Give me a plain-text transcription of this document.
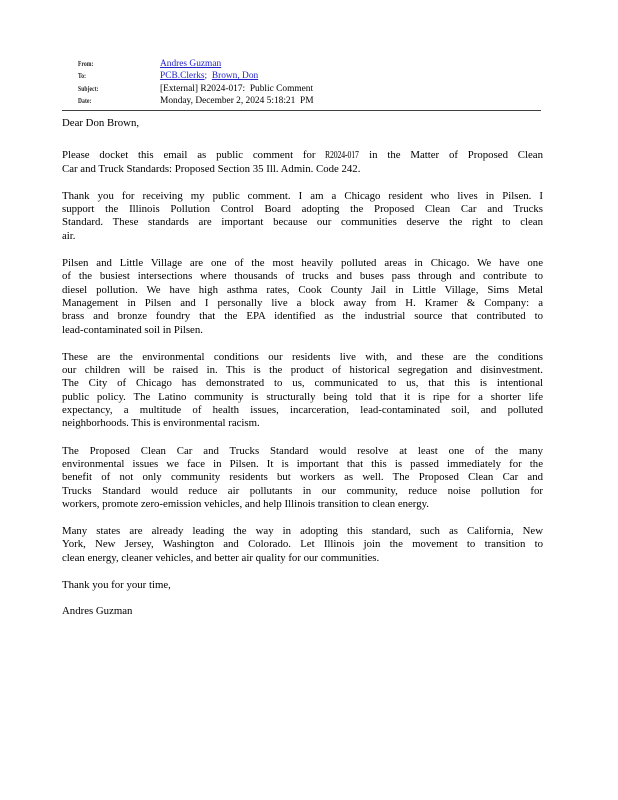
From:	Andres Guzman
To:	PCB.Clerks;  Brown, Don
Subject:	[External] R2024-017:  Public Comment
Date:	Monday, December 2, 2024 5:18:21  PM
Dear Don Brown,
Please docket this email as public comment for R2024-017 in the Matter of Proposed Clean
Car and Truck Standards: Proposed Section 35 Ill. Admin. Code 242.
Thank you for receiving my public comment. I am a Chicago resident who lives in Pilsen. I
support the Illinois Pollution Control Board adopting the Proposed Clean Car and Trucks
Standard. These standards are important because our communities deserve the right to clean
air.
Pilsen and Little Village are one of the most heavily polluted areas in Chicago. We have one
of the busiest intersections where thousands of trucks and buses pass through and contribute to
diesel pollution. We have high asthma rates, Cook County Jail in Little Village, Sims Metal
Management in Pilsen and I personally live a block away from H. Kramer & Company: a
brass and bronze foundry that the EPA identified as the industrial source that contributed to
lead-contaminated soil in Pilsen.
These are the environmental conditions our residents live with, and these are the conditions
our children will be raised in. This is the product of historical segregation and disinvestment.
The City of Chicago has demonstrated to us, communicated to us, that this is intentional
public policy. The Latino community is structurally being told that it is ripe for a shorter life
expectancy, a multitude of health issues, incarceration, lead-contaminated soil, and polluted
neighborhoods. This is environmental racism.
The Proposed Clean Car and Trucks Standard would resolve at least one of the many
environmental issues we face in Pilsen. It is important that this is passed immediately for the
benefit of not only community residents but workers as well. The Proposed Clean Car and
Trucks Standard would reduce air pollutants in our community, reduce noise pollution for
workers, promote zero-emission vehicles, and help Illinois transition to clean energy.
Many states are already leading the way in adopting this standard, such as California, New
York, New Jersey, Washington and Colorado. Let Illinois join the movement to transition to
clean energy, cleaner vehicles, and better air quality for our communities.
Thank you for your time,
Andres Guzman
